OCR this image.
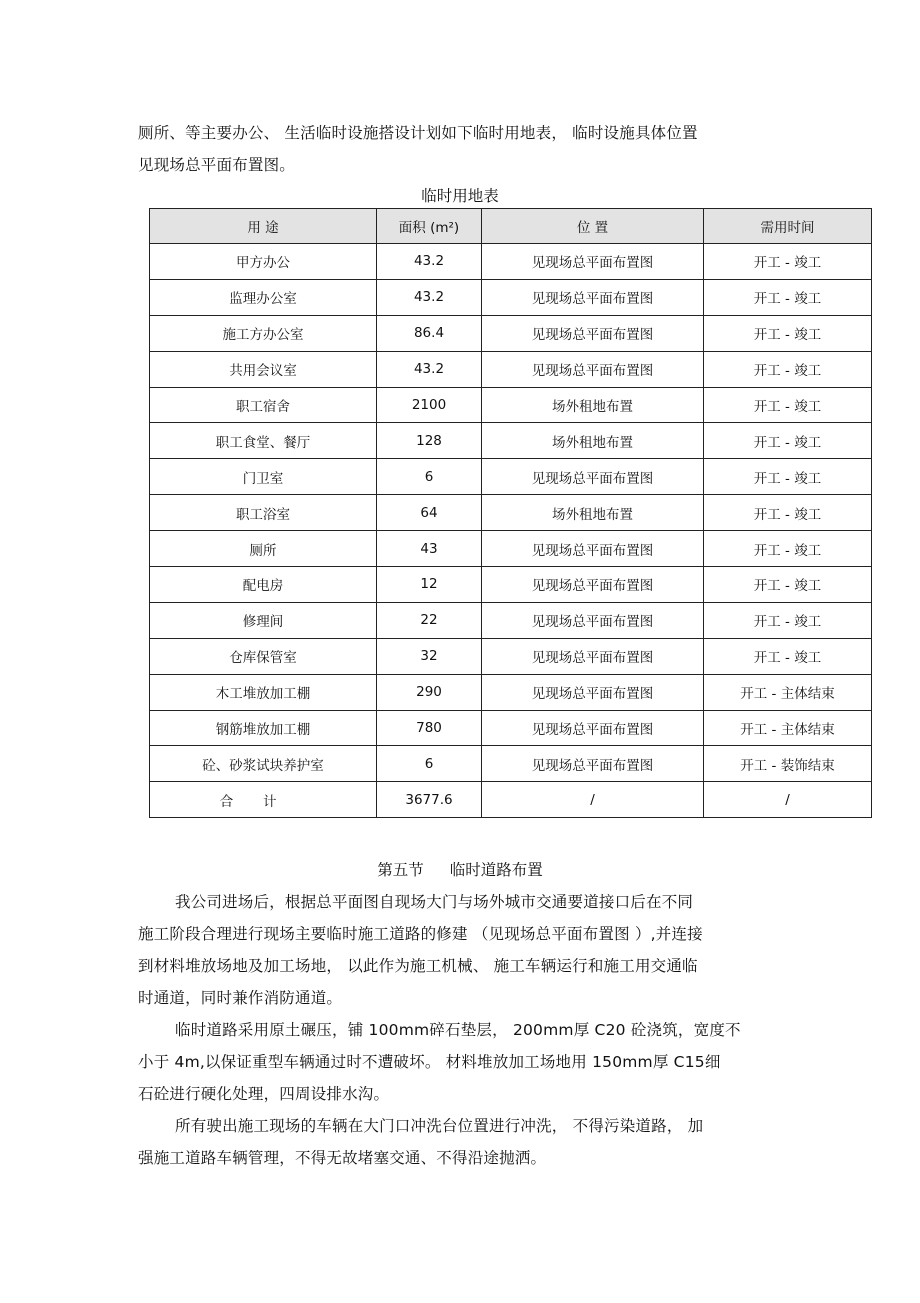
厕所、等主要办公、 生活临时设施搭设计划如下临时用地表， 临时设施具体位置
见现场总平面布置图。
临时用地表
用 途	面积 (m²)	位 置	需用时间
甲方办公	43.2	见现场总平面布置图	开工 - 竣工
监理办公室	43.2	见现场总平面布置图	开工 - 竣工
施工方办公室	86.4	见现场总平面布置图	开工 - 竣工
共用会议室	43.2	见现场总平面布置图	开工 - 竣工
职工宿舍	2100	场外租地布置	开工 - 竣工
职工食堂、餐厅	128	场外租地布置	开工 - 竣工
门卫室	6	见现场总平面布置图	开工 - 竣工
职工浴室	64	场外租地布置	开工 - 竣工
厕所	43	见现场总平面布置图	开工 - 竣工
配电房	12	见现场总平面布置图	开工 - 竣工
修理间	22	见现场总平面布置图	开工 - 竣工
仓库保管室	32	见现场总平面布置图	开工 - 竣工
木工堆放加工棚	290	见现场总平面布置图	开工 - 主体结束
钢筋堆放加工棚	780	见现场总平面布置图	开工 - 主体结束
砼、砂浆试块养护室	6	见现场总平面布置图	开工 - 装饰结束
合计	3677.6	/	/
第五节 临时道路布置
我公司进场后，根据总平面图自现场大门与场外城市交通要道接口后在不同
施工阶段合理进行现场主要临时施工道路的修建 （见现场总平面布置图 ）,并连接
到材料堆放场地及加工场地， 以此作为施工机械、 施工车辆运行和施工用交通临
时通道，同时兼作消防通道。
临时道路采用原土碾压，铺 100mm碎石垫层， 200mm厚 C20 砼浇筑，宽度不
小于 4m,以保证重型车辆通过时不遭破坏。 材料堆放加工场地用 150mm厚 C15细
石砼进行硬化处理，四周设排水沟。
所有驶出施工现场的车辆在大门口冲洗台位置进行冲洗， 不得污染道路， 加
强施工道路车辆管理，不得无故堵塞交通、不得沿途抛洒。
